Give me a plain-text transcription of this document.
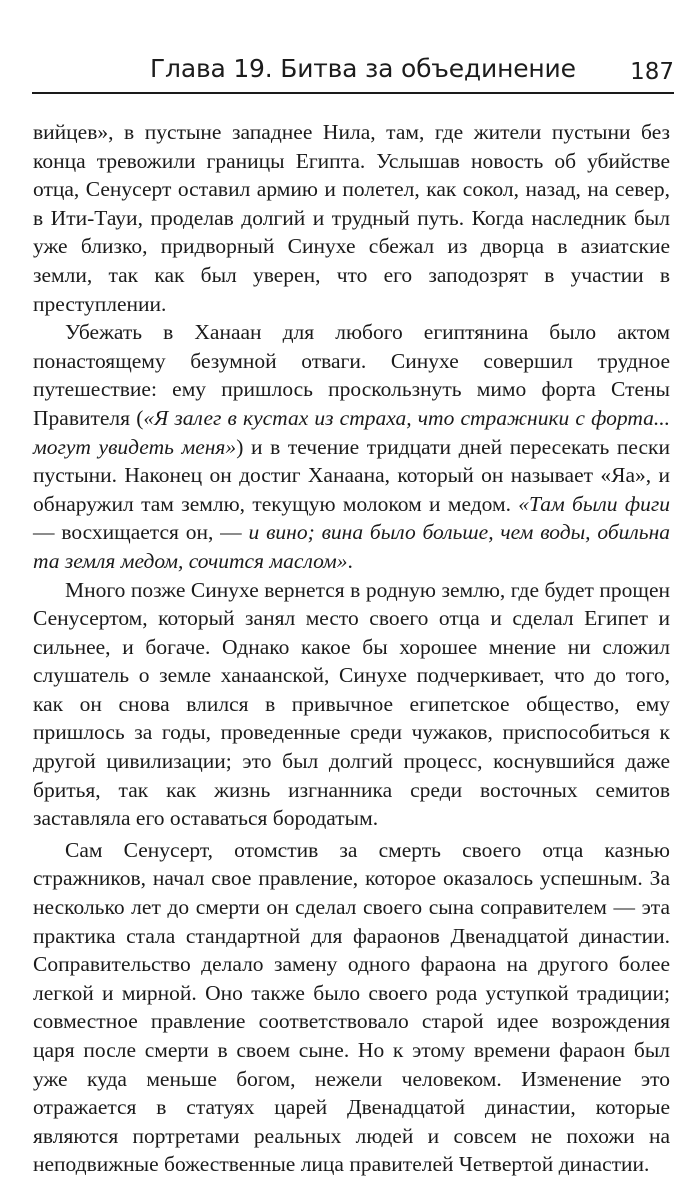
Глава 19. Битва за объединение 187

вийцев», в пустыне западнее Нила, там, где жители пустыни без конца тревожили границы Египта. Услышав новость об убийстве отца, Сенусерт оставил армию и полетел, как сокол, назад, на север, в Ити-Тауи, проделав долгий и трудный путь. Когда наследник был уже близко, придворный Синухе сбежал из дворца в азиатские земли, так как был уверен, что его заподозрят в участии в преступлении.

Убежать в Ханаан для любого египтянина было актом понастоящему безумной отваги. Синухе совершил трудное путешествие: ему пришлось проскользнуть мимо форта Стены Правителя («Я залег в кустах из страха, что стражники с форта... могут увидеть меня») и в течение тридцати дней пересекать пески пустыни. Наконец он достиг Ханаана, который он называет «Яа», и обнаружил там землю, текущую молоком и медом. «Там были фиги — восхищается он, — и вино; вина было больше, чем воды, обильна та земля медом, сочится маслом».

Много позже Синухе вернется в родную землю, где будет прощен Сенусертом, который занял место своего отца и сделал Египет и сильнее, и богаче. Однако какое бы хорошее мнение ни сложил слушатель о земле ханаанской, Синухе подчеркивает, что до того, как он снова влился в привычное египетское общество, ему пришлось за годы, проведенные среди чужаков, приспособиться к другой цивилизации; это был долгий процесс, коснувшийся даже бритья, так как жизнь изгнанника среди восточных семитов заставляла его оставаться бородатым.

Сам Сенусерт, отомстив за смерть своего отца казнью стражников, начал свое правление, которое оказалось успешным. За несколько лет до смерти он сделал своего сына соправителем — эта практика стала стандартной для фараонов Двенадцатой династии. Соправительство делало замену одного фараона на другого более легкой и мирной. Оно также было своего рода уступкой традиции; совместное правление соответствовало старой идее возрождения царя после смерти в своем сыне. Но к этому времени фараон был уже куда меньше богом, нежели человеком. Изменение это отражается в статуях царей Двенадцатой династии, которые являются портретами реальных людей и совсем не похожи на неподвижные божественные лица правителей Четвертой династии.
